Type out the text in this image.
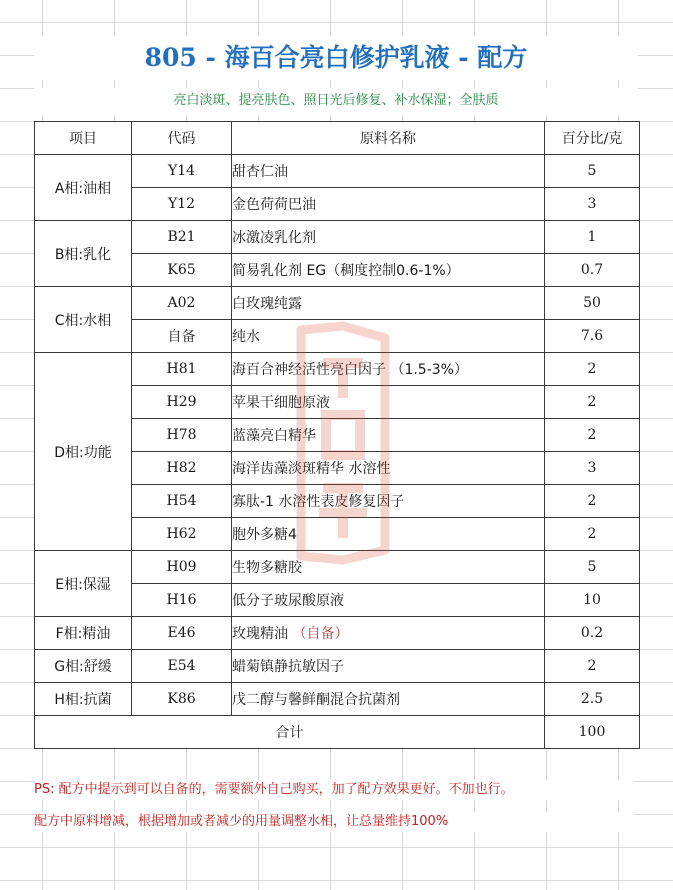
805 - 海百合亮白修护乳液 - 配方
亮白淡斑、提亮肤色、照日光后修复、补水保湿；全肤质
项目	代码	原料名称	百分比/克
A相:油相	Y14	甜杏仁油	5
	Y12	金色荷荷巴油	3
B相:乳化	B21	冰激凌乳化剂	1
	K65	简易乳化剂 EG（稠度控制0.6-1%）	0.7
C相:水相	A02	白玫瑰纯露	50
	自备	纯水	7.6
D相:功能	H81	海百合神经活性亮白因子 （1.5-3%）	2
	H29	苹果干细胞原液	2
	H78	蓝藻亮白精华	2
	H82	海洋齿藻淡斑精华 水溶性	3
	H54	寡肽-1 水溶性表皮修复因子	2
	H62	胞外多糖4	2
E相:保湿	H09	生物多糖胶	5
	H16	低分子玻尿酸原液	10
F相:精油	E46	玫瑰精油 （自备）	0.2
G相:舒缓	E54	蜡菊镇静抗敏因子	2
H相:抗菌	K86	戊二醇与馨鲜酮混合抗菌剂	2.5
合计			100
PS: 配方中提示到可以自备的，需要额外自己购买，加了配方效果更好。不加也行。
配方中原料增减，根据增加或者减少的用量调整水相，让总量维持100%
